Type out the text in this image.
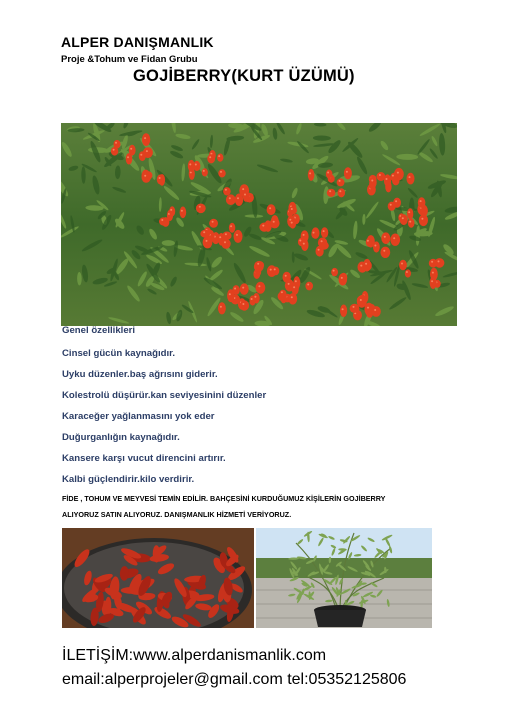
ALPER DANIŞMANLIK
Proje &Tohum ve Fidan Grubu
GOJİBERRY(KURT ÜZÜMÜ)
Genel özellikleri
Cinsel gücün kaynağıdır.
Uyku düzenler.baş ağrısını giderir.
Kolestrolü düşürür.kan seviyesinini düzenler
Karaceğer yağlanmasını yok eder
Duğurganlığın kaynağıdır.
Kansere karşı vucut direncini artırır.
Kalbi güçlendirir.kilo verdirir.
FİDE , TOHUM VE MEYVESİ TEMİN EDİLİR. BAHÇESİNİ KURDUĞUMUZ KİŞİLERİN GOJİBERRY
ALIYORUZ SATIN ALIYORUZ. DANIŞMANLIK HİZMETİ VERİYORUZ.
İLETİŞİM:www.alperdanismanlik.com
email:alperprojeler@gmail.com tel:05352125806
